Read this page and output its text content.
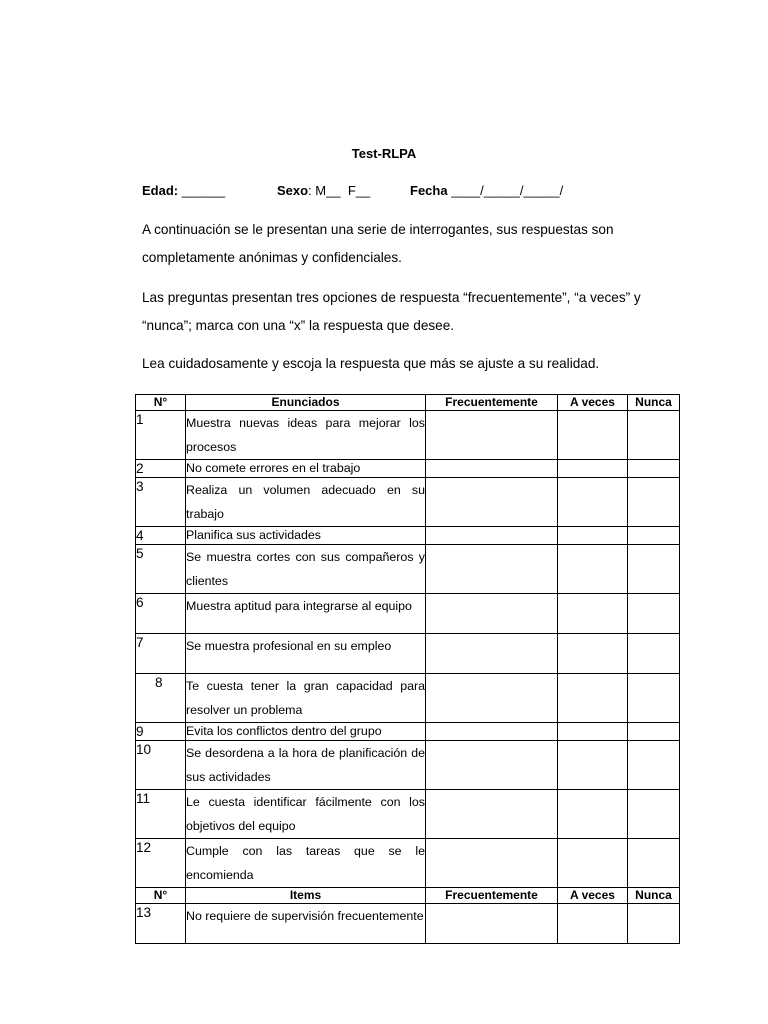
Test-RLPA
Edad: ______	Sexo: M__  F__	Fecha ____/_____/_____/
A continuación se le presentan una serie de interrogantes, sus respuestas son completamente anónimas y confidenciales.
Las preguntas presentan tres opciones de respuesta “frecuentemente”, “a veces” y “nunca”; marca con una “x” la respuesta que desee.
Lea cuidadosamente y escoja la respuesta que más se ajuste a su realidad.
N°	Enunciados	Frecuentemente	A veces	Nunca
1	Muestra nuevas ideas para mejorar los procesos			
2	No comete errores en el trabajo			
3	Realiza un volumen adecuado en su trabajo			
4	Planifica sus actividades			
5	Se muestra cortes con sus compañeros y clientes			
6	Muestra aptitud para integrarse al equipo			
7	Se muestra profesional en su empleo			
8	Te cuesta tener la gran capacidad para resolver un problema			
9	Evita los conflictos dentro del grupo			
10	Se desordena a la hora de planificación de sus actividades			
11	Le cuesta identificar fácilmente con los objetivos del equipo			
12	Cumple con las tareas que se le encomienda			
N°	Items	Frecuentemente	A veces	Nunca
13	No requiere de supervisión frecuentemente			
